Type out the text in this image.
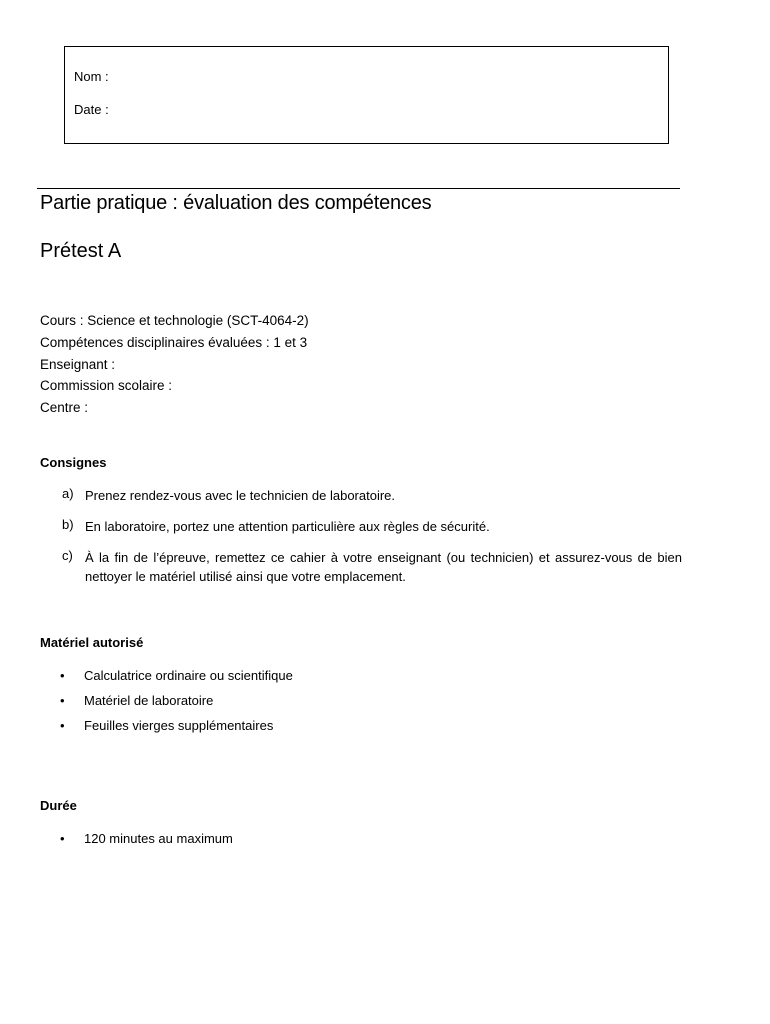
Nom :
Date :
Partie pratique : évaluation des compétences
Prétest A
Cours : Science et technologie (SCT-4064-2)
Compétences disciplinaires évaluées : 1 et 3
Enseignant :
Commission scolaire :
Centre :
Consignes
a) Prenez rendez-vous avec le technicien de laboratoire.
b) En laboratoire, portez une attention particulière aux règles de sécurité.
c) À la fin de l’épreuve, remettez ce cahier à votre enseignant (ou technicien) et assurez-vous de bien nettoyer le matériel utilisé ainsi que votre emplacement.
Matériel autorisé
• Calculatrice ordinaire ou scientifique
• Matériel de laboratoire
• Feuilles vierges supplémentaires
Durée
• 120 minutes au maximum
